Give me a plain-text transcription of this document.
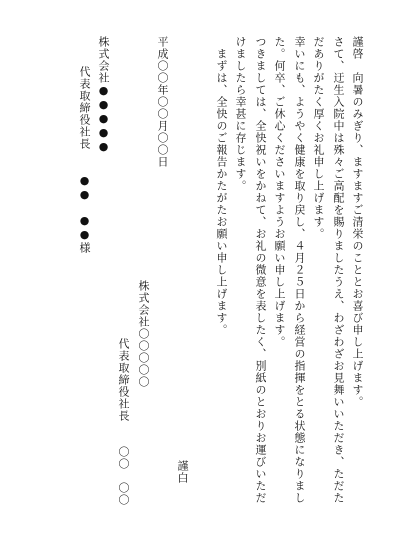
謹啓　向暑のみぎり、ますますご清栄のこととお喜び申し上げます。
さて、迂生入院中は殊々ご高配を賜りましたうえ、わざわざお見舞いいただき、ただた
だありがたく厚くお礼申し上げます。
幸いにも、ようやく健康を取り戻し、４月２５日から経営の指揮をとる状態になりまし
た。何卒、ご休心くださいますようお願い申し上げます。
つきましては、全快祝いをかねて、お礼の微意を表したく、別紙のとおりお運びいただ
けましたら幸甚に存じます。
まずは、全快のご報告かたがたお願い申し上げます。
謹白
株式会社〇〇〇〇〇
代表取締役社長　　〇〇　〇〇
平成〇〇年〇〇月〇〇日
株式会社●●●●●
代表取締役社長　　●●　●●様
